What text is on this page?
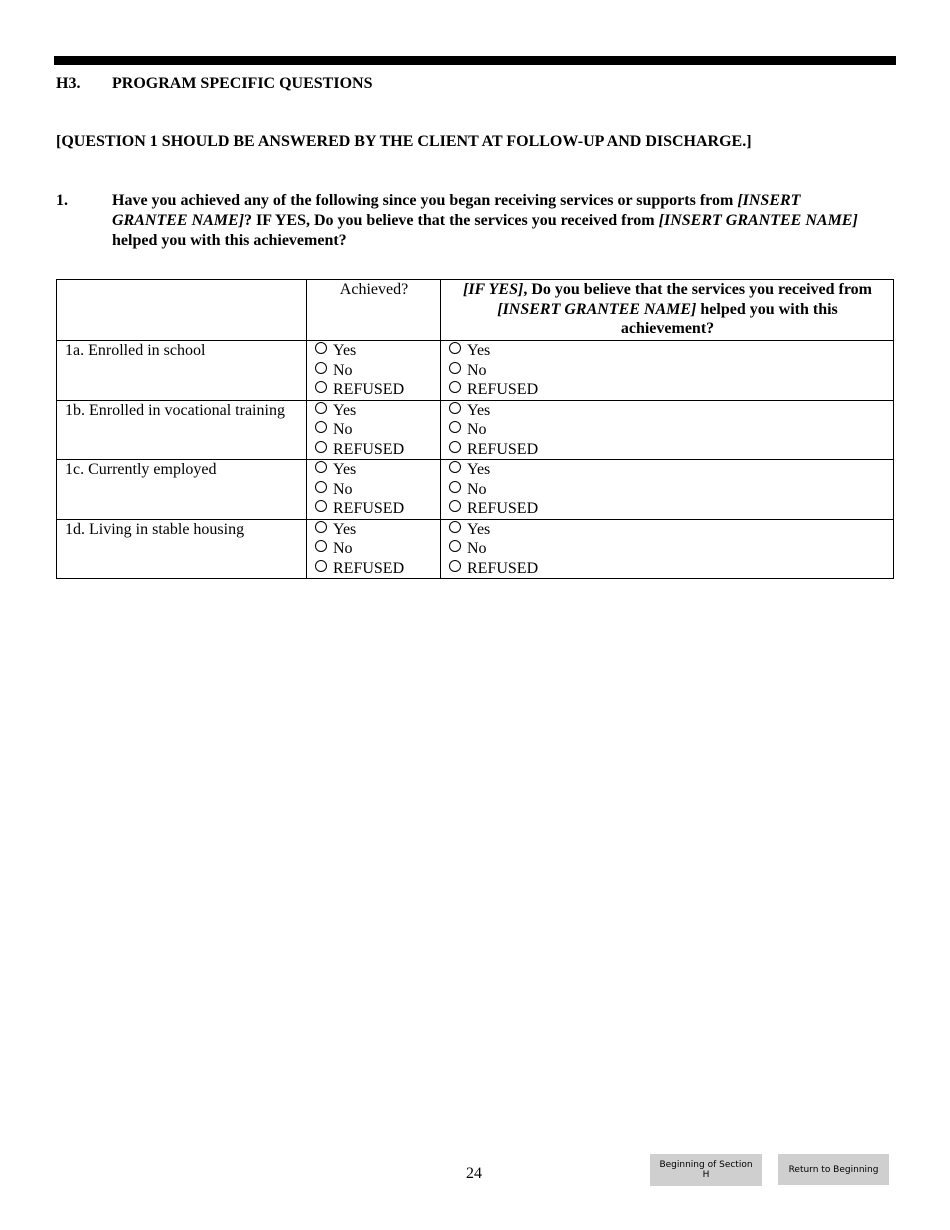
H3. PROGRAM SPECIFIC QUESTIONS
[QUESTION 1 SHOULD BE ANSWERED BY THE CLIENT AT FOLLOW-UP AND DISCHARGE.]
1.	Have you achieved any of the following since you began receiving services or supports from [INSERT GRANTEE NAME]? IF YES, Do you believe that the services you received from [INSERT GRANTEE NAME] helped you with this achievement?
	Achieved?	[IF YES], Do you believe that the services you received from [INSERT GRANTEE NAME] helped you with this achievement?
1a. Enrolled in school	Yes
No
REFUSED	Yes
No
REFUSED

1b. Enrolled in vocational training	Yes
No
REFUSED	Yes
No
REFUSED

1c. Currently employed	Yes
No
REFUSED	Yes
No
REFUSED

1d. Living in stable housing	Yes
No
REFUSED	Yes
No
REFUSED
24	Beginning of Section H
Return to Beginning
